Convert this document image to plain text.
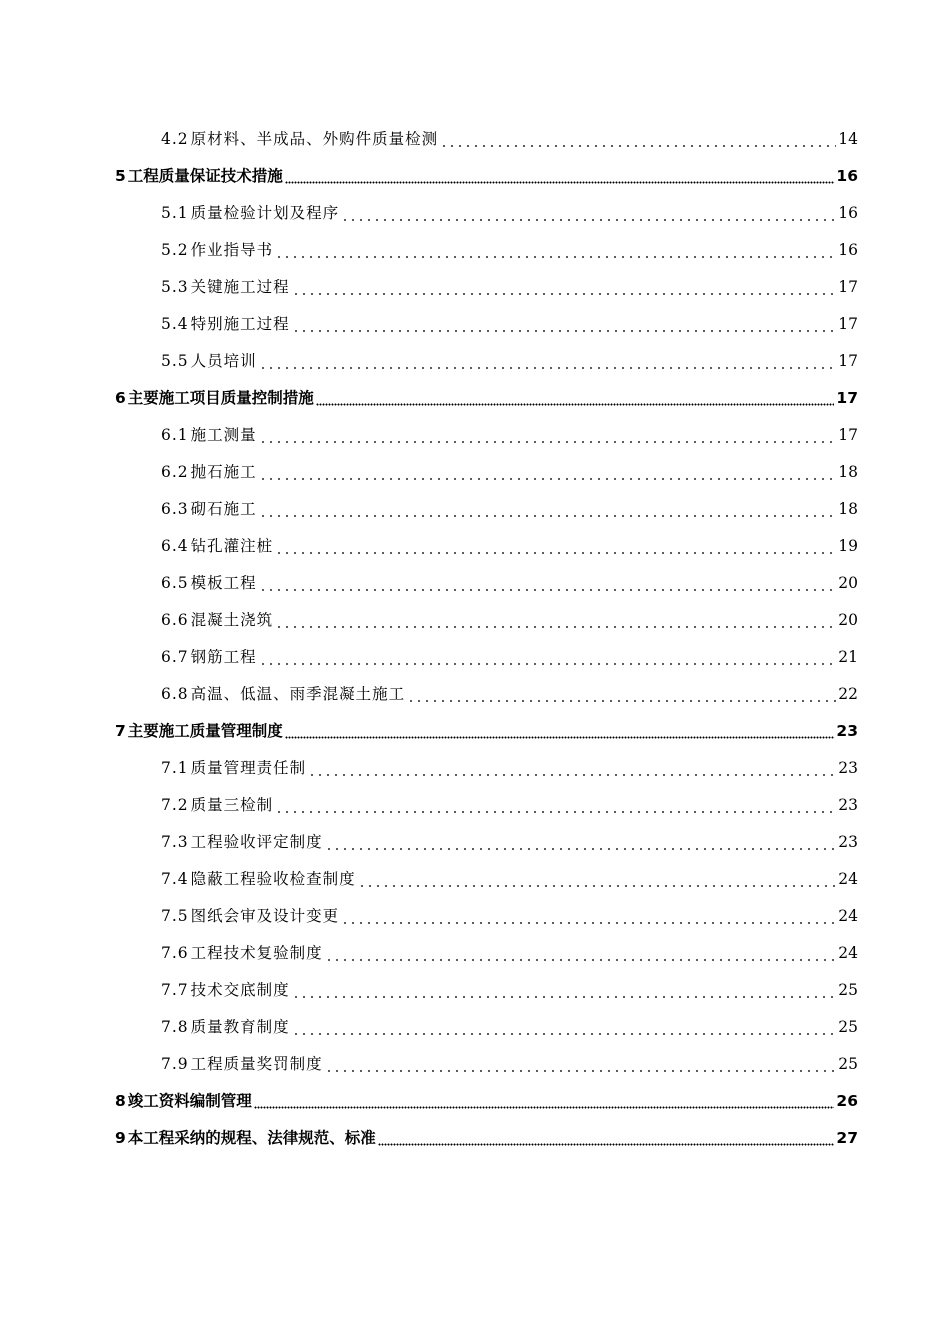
4.2 原材料、半成品、外购件质量检测	14
5 工程质量保证技术措施	16
5.1 质量检验计划及程序	16
5.2 作业指导书	16
5.3 关键施工过程	17
5.4 特别施工过程	17
5.5 人员培训	17
6 主要施工项目质量控制措施	17
6.1 施工测量	17
6.2 抛石施工	18
6.3 砌石施工	18
6.4 钻孔灌注桩	19
6.5 模板工程	20
6.6 混凝土浇筑	20
6.7 钢筋工程	21
6.8 高温、低温、雨季混凝土施工	22
7 主要施工质量管理制度	23
7.1 质量管理责任制	23
7.2 质量三检制	23
7.3 工程验收评定制度	23
7.4 隐蔽工程验收检查制度	24
7.5 图纸会审及设计变更	24
7.6 工程技术复验制度	24
7.7 技术交底制度	25
7.8 质量教育制度	25
7.9 工程质量奖罚制度	25
8 竣工资料编制管理	26
9 本工程采纳的规程、法律规范、标准	27
